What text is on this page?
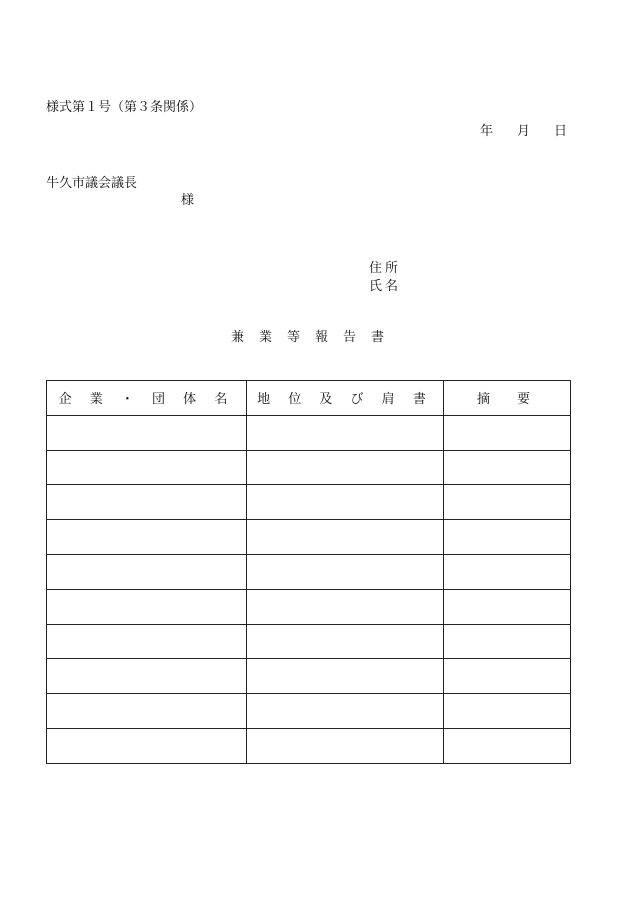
様式第１号（第３条関係）
年 月 日
牛久市議会議長
様
住所
氏名
兼業等報告書
企 業 ・ 団 体 名	地 位 及 び 肩 書	摘　要
